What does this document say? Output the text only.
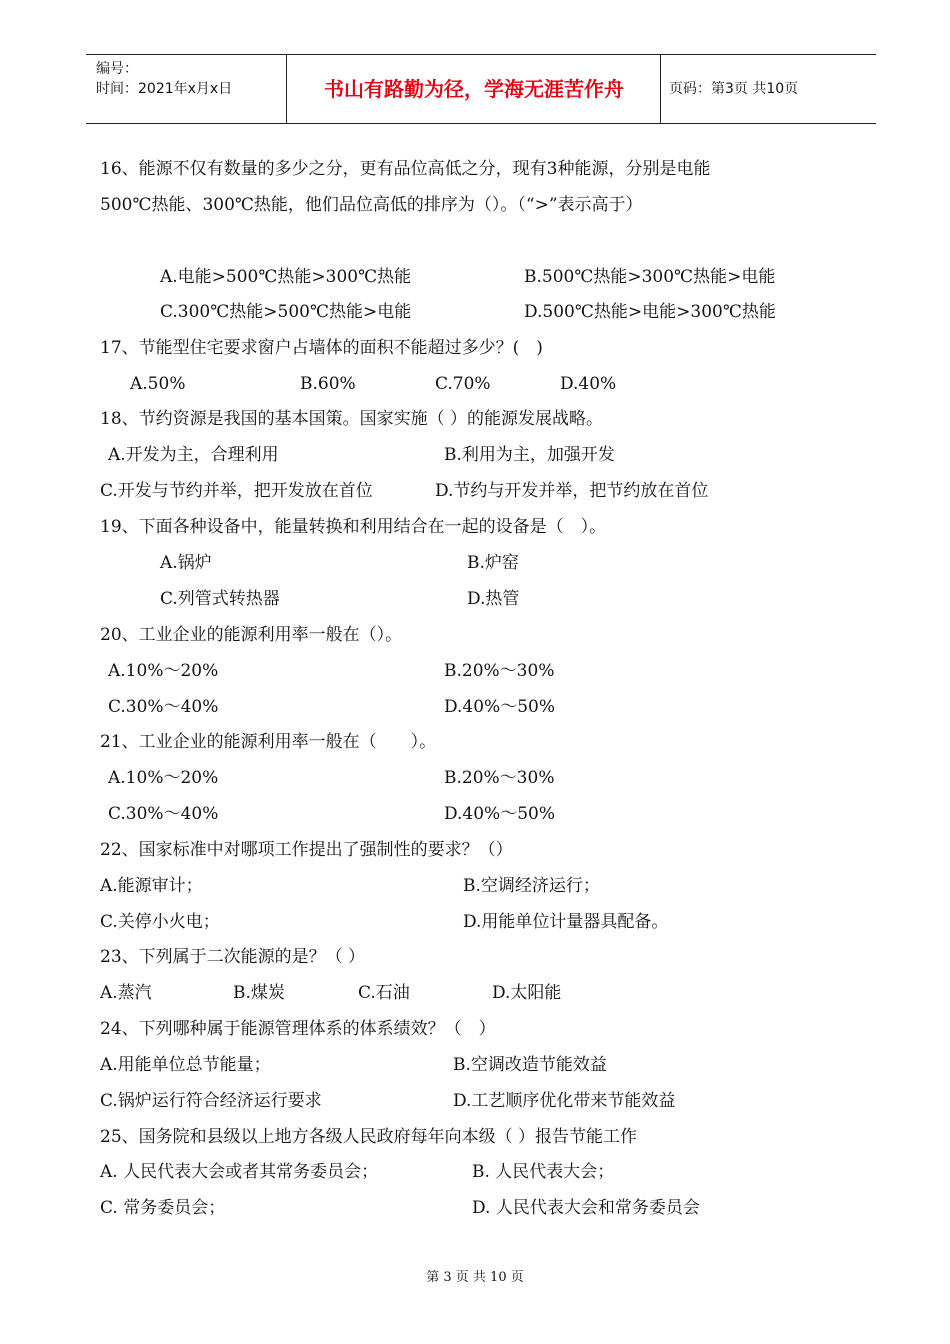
编号：
时间：2021年x月x日	书山有路勤为径，学海无涯苦作舟	页码：第3页 共10页
16、能源不仅有数量的多少之分，更有品位高低之分，现有3种能源，分别是电能
500℃热能、300℃热能，他们品位高低的排序为（）。（“>”表示高于）
A.电能>500℃热能>300℃热能	B.500℃热能>300℃热能>电能
C.300℃热能>500℃热能>电能	D.500℃热能>电能>300℃热能
17、节能型住宅要求窗户占墙体的面积不能超过多少？(　)
A.50%	B.60%	C.70%	D.40%
18、节约资源是我国的基本国策。国家实施（ ）的能源发展战略。
A.开发为主，合理利用	B.利用为主，加强开发
C.开发与节约并举，把开发放在首位	D.节约与开发并举，把节约放在首位
19、下面各种设备中，能量转换和利用结合在一起的设备是（　）。
A.锅炉	B.炉窑
C.列管式转热器	D.热管
20、工业企业的能源利用率一般在（）。
A.10%～20%	B.20%～30%
C.30%～40%	D.40%～50%
21、工业企业的能源利用率一般在（　　）。
A.10%～20%	B.20%～30%
C.30%～40%	D.40%～50%
22、国家标准中对哪项工作提出了强制性的要求？（）
A.能源审计；	B.空调经济运行；
C.关停小火电；	D.用能单位计量器具配备。
23、下列属于二次能源的是？（ ）
A.蒸汽	B.煤炭	C.石油	D.太阳能
24、下列哪种属于能源管理体系的体系绩效？（　）
A.用能单位总节能量；	B.空调改造节能效益
C.锅炉运行符合经济运行要求	D.工艺顺序优化带来节能效益
25、国务院和县级以上地方各级人民政府每年向本级（ ）报告节能工作
A. 人民代表大会或者其常务委员会；	B. 人民代表大会；
C. 常务委员会；	D. 人民代表大会和常务委员会
第 3 页 共 10 页
